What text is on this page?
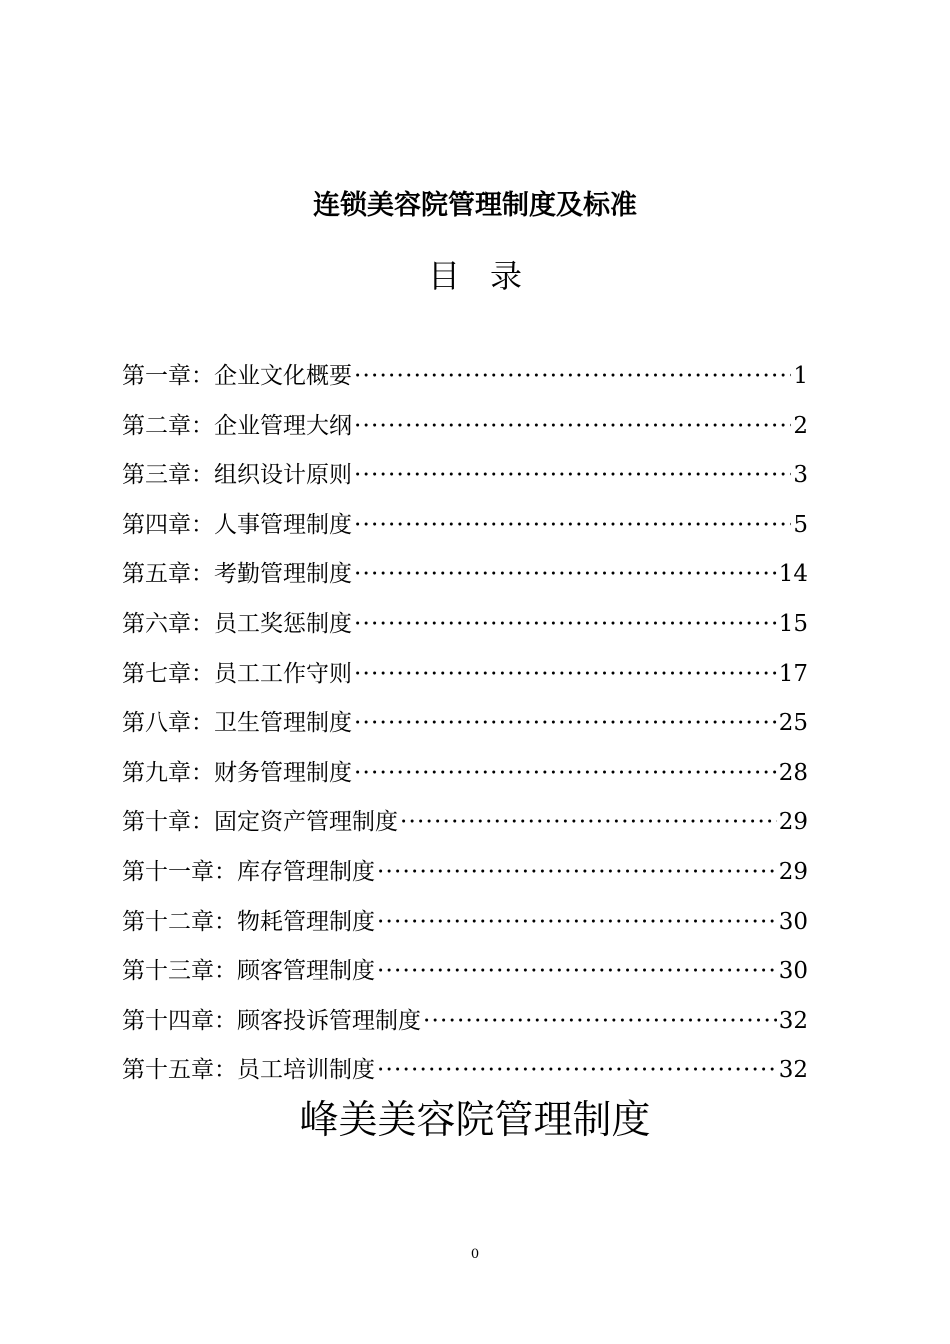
连锁美容院管理制度及标准
目 录
第一章： 企业文化概要 ·····	1
第二章： 企业管理大纲 ·····	2
第三章： 组织设计原则 ·····	3
第四章： 人事管理制度 ·····	5
第五章： 考勤管理制度 ·····	14
第六章： 员工奖惩制度 ·····	15
第七章： 员工工作守则 ·····	17
第八章： 卫生管理制度 ·····	25
第九章： 财务管理制度 ·····	28
第十章： 固定资产管理制度 ·····	29
第十一章： 库存管理制度 ·····	29
第十二章： 物耗管理制度 ·····	30
第十三章： 顾客管理制度 ·····	30
第十四章： 顾客投诉管理制度 ·····	32
第十五章： 员工培训制度 ·····	32
峰美美容院管理制度
0
